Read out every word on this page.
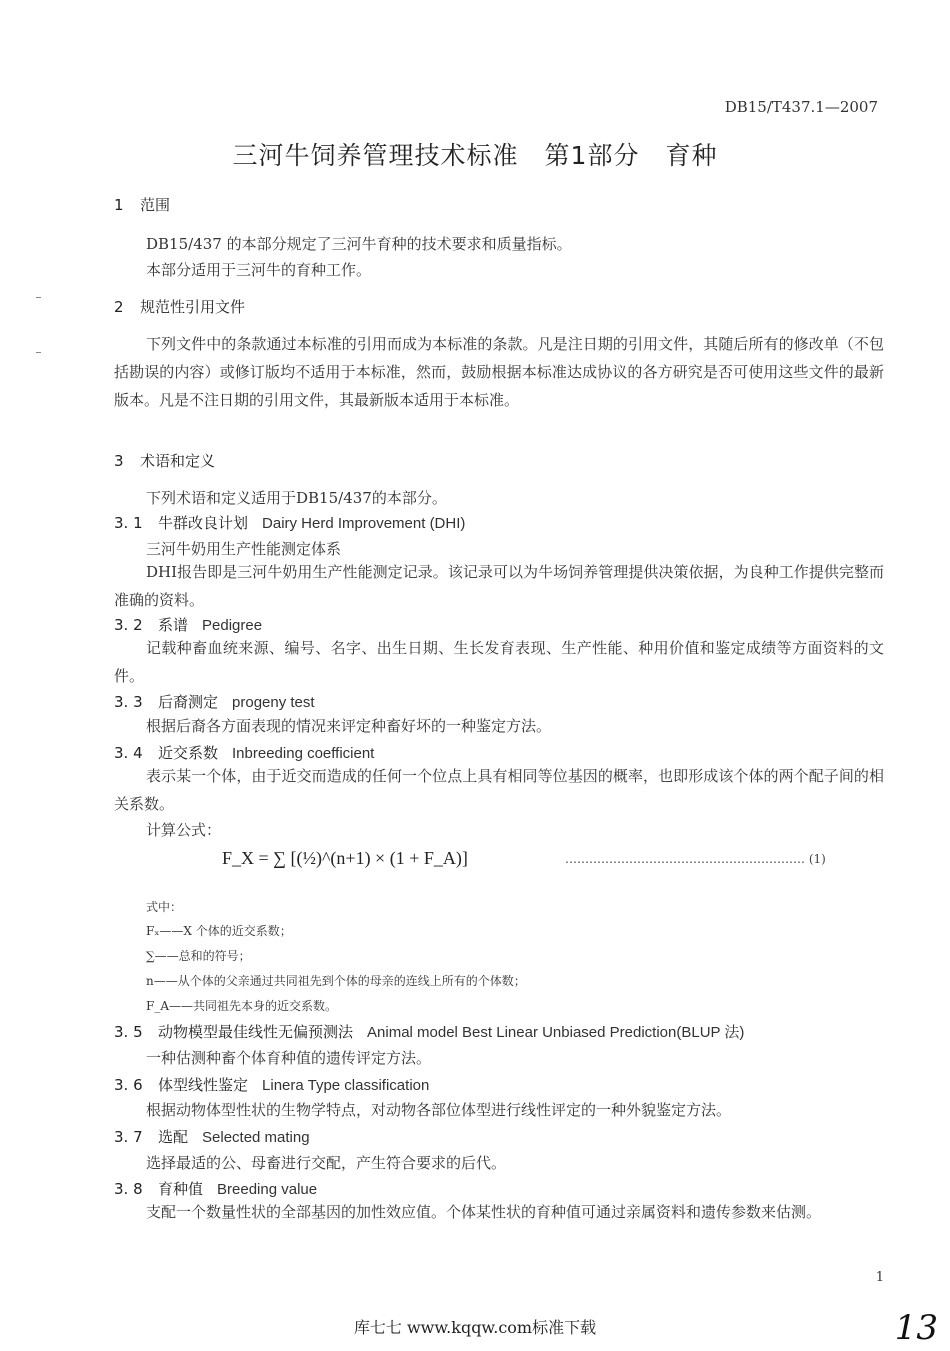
DB15/T437.1—2007
三河牛饲养管理技术标准　第1部分　育种
1 范围
DB15/437 的本部分规定了三河牛育种的技术要求和质量指标。
本部分适用于三河牛的育种工作。
2 规范性引用文件
下列文件中的条款通过本标准的引用而成为本标准的条款。凡是注日期的引用文件，其随后所有的修改单（不包括勘误的内容）或修订版均不适用于本标准，然而，鼓励根据本标准达成协议的各方研究是否可使用这些文件的最新版本。凡是不注日期的引用文件，其最新版本适用于本标准。
3 术语和定义
下列术语和定义适用于DB15/437的本部分。
3. 1 牛群改良计划 Dairy Herd Improvement (DHI)
三河牛奶用生产性能测定体系
DHI报告即是三河牛奶用生产性能测定记录。该记录可以为牛场饲养管理提供决策依据，为良种工作提供完整而准确的资料。
3. 2 系谱 Pedigree
记载种畜血统来源、编号、名字、出生日期、生长发育表现、生产性能、种用价值和鉴定成绩等方面资料的文件。
3. 3 后裔测定 progeny test
根据后裔各方面表现的情况来评定种畜好坏的一种鉴定方法。
3. 4 近交系数 Inbreeding coefficient
表示某一个体，由于近交而造成的任何一个位点上具有相同等位基因的概率，也即形成该个体的两个配子间的相关系数。
计算公式：
F_X = ∑ [(½)^(n+1) × (1 + F_A)]	…………………………………………………… (1)
式中：
Fₓ——X 个体的近交系数；
∑——总和的符号；
n——从个体的父亲通过共同祖先到个体的母亲的连线上所有的个体数；
F_A——共同祖先本身的近交系数。
3. 5 动物模型最佳线性无偏预测法 Animal model Best Linear Unbiased Prediction(BLUP 法)
一种估测种畜个体育种值的遗传评定方法。
3. 6 体型线性鉴定 Linera Type classification
根据动物体型性状的生物学特点，对动物各部位体型进行线性评定的一种外貌鉴定方法。
3. 7 选配 Selected mating
选择最适的公、母畜进行交配，产生符合要求的后代。
3. 8 育种值 Breeding value
支配一个数量性状的全部基因的加性效应值。个体某性状的育种值可通过亲属资料和遗传参数来估测。
1
库七七 www.kqqw.com标准下载	13
